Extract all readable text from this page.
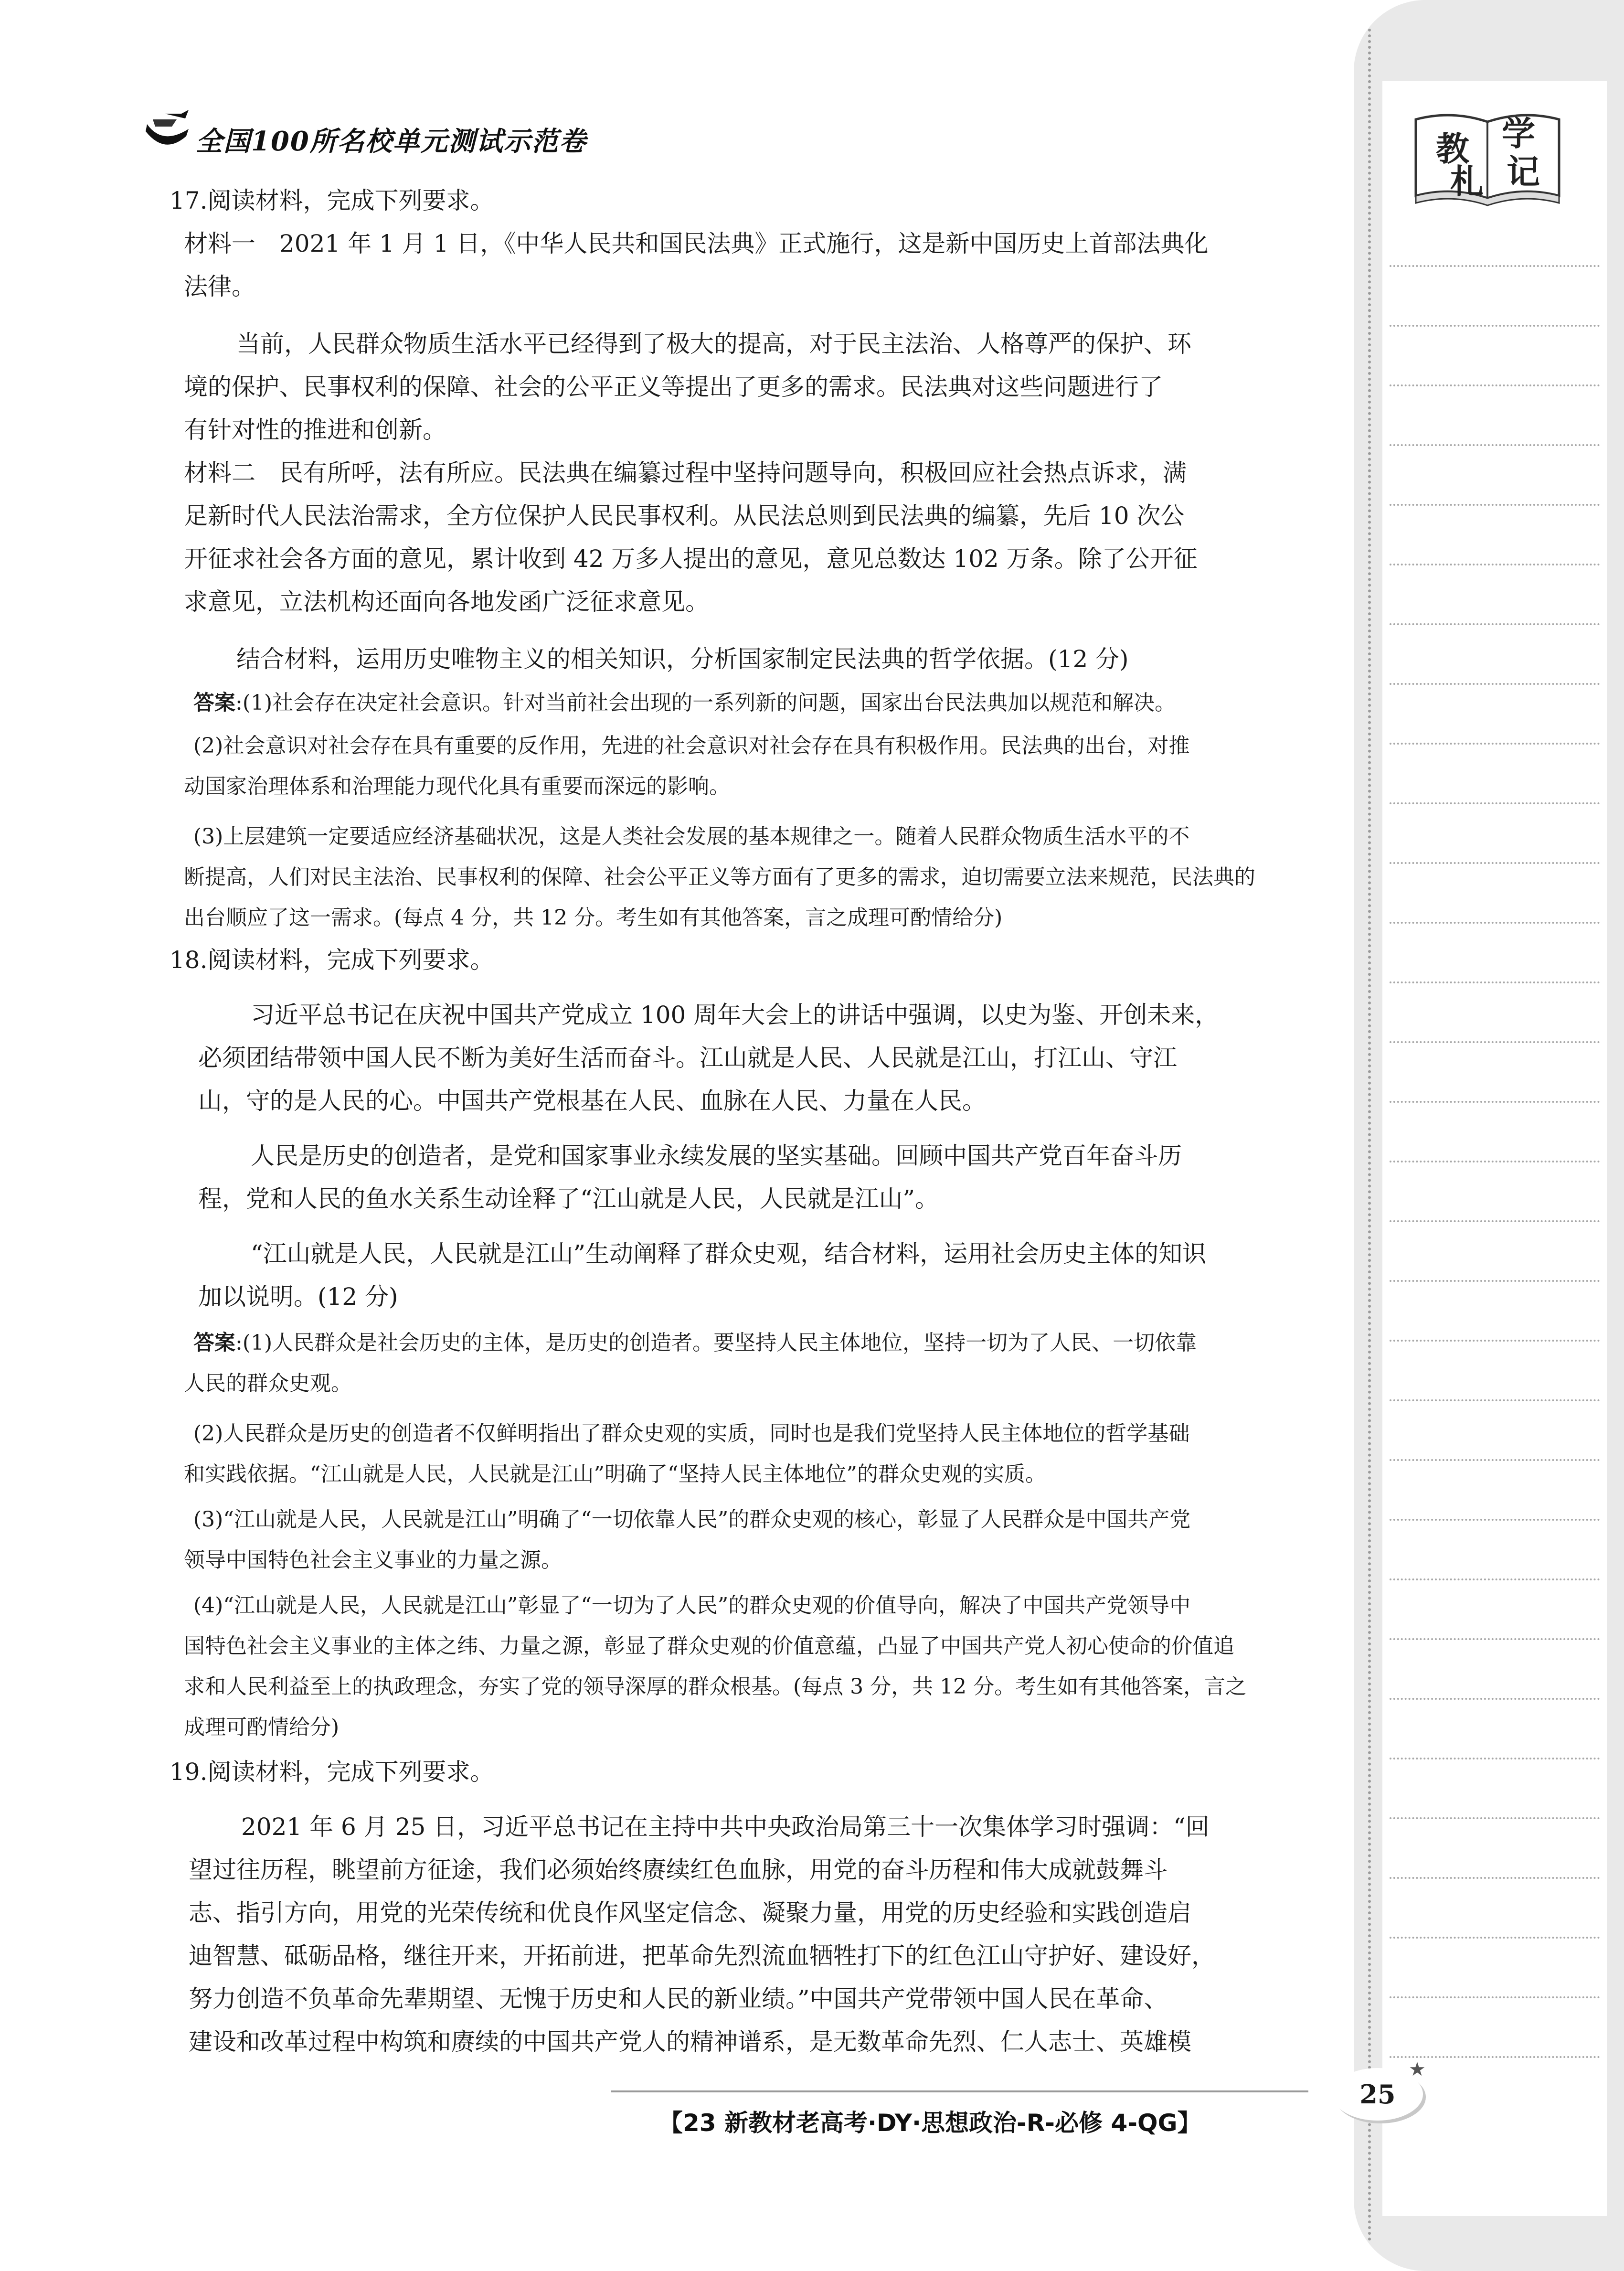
教 学
札 记
全国100所名校单元测试示范卷
17.阅读材料，完成下列要求。
材料一　2021 年 1 月 1 日，《中华人民共和国民法典》正式施行，这是新中国历史上首部法典化
法律。
当前，人民群众物质生活水平已经得到了极大的提高，对于民主法治、人格尊严的保护、环
境的保护、民事权利的保障、社会的公平正义等提出了更多的需求。民法典对这些问题进行了
有针对性的推进和创新。
材料二　民有所呼，法有所应。民法典在编纂过程中坚持问题导向，积极回应社会热点诉求，满
足新时代人民法治需求，全方位保护人民民事权利。从民法总则到民法典的编纂，先后 10 次公
开征求社会各方面的意见，累计收到 42 万多人提出的意见，意见总数达 102 万条。除了公开征
求意见，立法机构还面向各地发函广泛征求意见。
结合材料，运用历史唯物主义的相关知识，分析国家制定民法典的哲学依据。(12 分)
答案:(1)社会存在决定社会意识。针对当前社会出现的一系列新的问题，国家出台民法典加以规范和解决。
(2)社会意识对社会存在具有重要的反作用，先进的社会意识对社会存在具有积极作用。民法典的出台，对推
动国家治理体系和治理能力现代化具有重要而深远的影响。
(3)上层建筑一定要适应经济基础状况，这是人类社会发展的基本规律之一。随着人民群众物质生活水平的不
断提高，人们对民主法治、民事权利的保障、社会公平正义等方面有了更多的需求，迫切需要立法来规范，民法典的
出台顺应了这一需求。(每点 4 分，共 12 分。考生如有其他答案，言之成理可酌情给分)
18.阅读材料，完成下列要求。
习近平总书记在庆祝中国共产党成立 100 周年大会上的讲话中强调，以史为鉴、开创未来，
必须团结带领中国人民不断为美好生活而奋斗。江山就是人民、人民就是江山，打江山、守江
山，守的是人民的心。中国共产党根基在人民、血脉在人民、力量在人民。
人民是历史的创造者，是党和国家事业永续发展的坚实基础。回顾中国共产党百年奋斗历
程，党和人民的鱼水关系生动诠释了“江山就是人民，人民就是江山”。
“江山就是人民，人民就是江山”生动阐释了群众史观，结合材料，运用社会历史主体的知识
加以说明。(12 分)
答案:(1)人民群众是社会历史的主体，是历史的创造者。要坚持人民主体地位，坚持一切为了人民、一切依靠
人民的群众史观。
(2)人民群众是历史的创造者不仅鲜明指出了群众史观的实质，同时也是我们党坚持人民主体地位的哲学基础
和实践依据。“江山就是人民，人民就是江山”明确了“坚持人民主体地位”的群众史观的实质。
(3)“江山就是人民，人民就是江山”明确了“一切依靠人民”的群众史观的核心，彰显了人民群众是中国共产党
领导中国特色社会主义事业的力量之源。
(4)“江山就是人民，人民就是江山”彰显了“一切为了人民”的群众史观的价值导向，解决了中国共产党领导中
国特色社会主义事业的主体之纬、力量之源，彰显了群众史观的价值意蕴，凸显了中国共产党人初心使命的价值追
求和人民利益至上的执政理念，夯实了党的领导深厚的群众根基。(每点 3 分，共 12 分。考生如有其他答案，言之
成理可酌情给分)
19.阅读材料，完成下列要求。
2021 年 6 月 25 日，习近平总书记在主持中共中央政治局第三十一次集体学习时强调：“回
望过往历程，眺望前方征途，我们必须始终赓续红色血脉，用党的奋斗历程和伟大成就鼓舞斗
志、指引方向，用党的光荣传统和优良作风坚定信念、凝聚力量，用党的历史经验和实践创造启
迪智慧、砥砺品格，继往开来，开拓前进，把革命先烈流血牺牲打下的红色江山守护好、建设好，
努力创造不负革命先辈期望、无愧于历史和人民的新业绩。”中国共产党带领中国人民在革命、
建设和改革过程中构筑和赓续的中国共产党人的精神谱系，是无数革命先烈、仁人志士、英雄模
【23 新教材老高考·DY·思想政治-R-必修 4-QG】
25
★
